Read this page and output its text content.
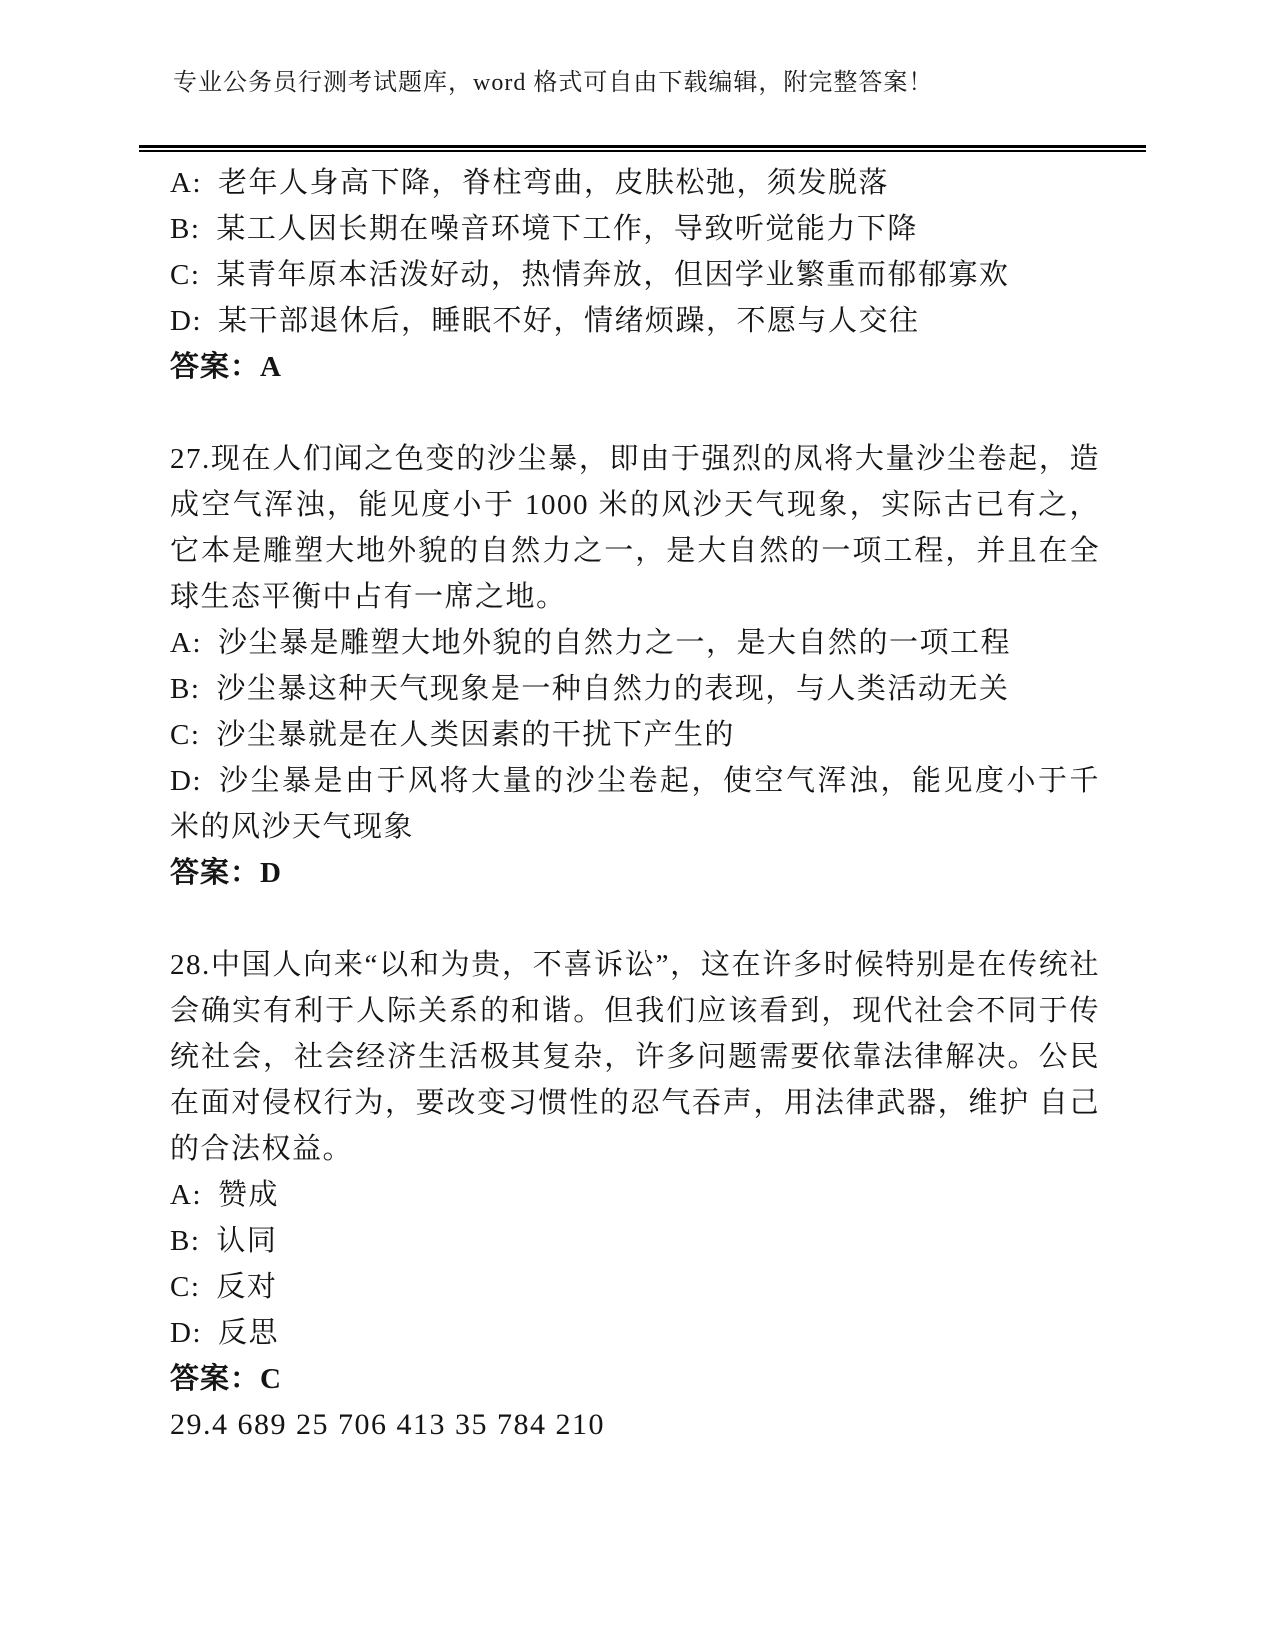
专业公务员行测考试题库，word 格式可自由下载编辑，附完整答案！

A: 老年人身高下降，脊柱弯曲，皮肤松弛，须发脱落

B: 某工人因长期在噪音环境下工作，导致听觉能力下降

C: 某青年原本活泼好动，热情奔放，但因学业繁重而郁郁寡欢

D: 某干部退休后，睡眠不好，情绪烦躁，不愿与人交往

答案：A

27.现在人们闻之色变的沙尘暴，即由于强烈的凤将大量沙尘卷起，造成空气浑浊，能见度小于 1000 米的风沙天气现象，实际古已有之，它本是雕塑大地外貌的自然力之一，是大自然的一项工程，并且在全球生态平衡中占有一席之地。

A: 沙尘暴是雕塑大地外貌的自然力之一，是大自然的一项工程

B: 沙尘暴这种天气现象是一种自然力的表现，与人类活动无关

C: 沙尘暴就是在人类因素的干扰下产生的

D: 沙尘暴是由于风将大量的沙尘卷起，使空气浑浊，能见度小于千米的风沙天气现象

答案：D

28.中国人向来“以和为贵，不喜诉讼”，这在许多时候特别是在传统社会确实有利于人际关系的和谐。但我们应该看到，现代社会不同于传统社会，社会经济生活极其复杂，许多问题需要依靠法律解决。公民在面对侵权行为，要改变习惯性的忍气吞声，用法律武器，维护 自己的合法权益。

A: 赞成

B: 认同

C: 反对

D: 反思

答案：C

29.4 689 25 706 413 35 784 210
